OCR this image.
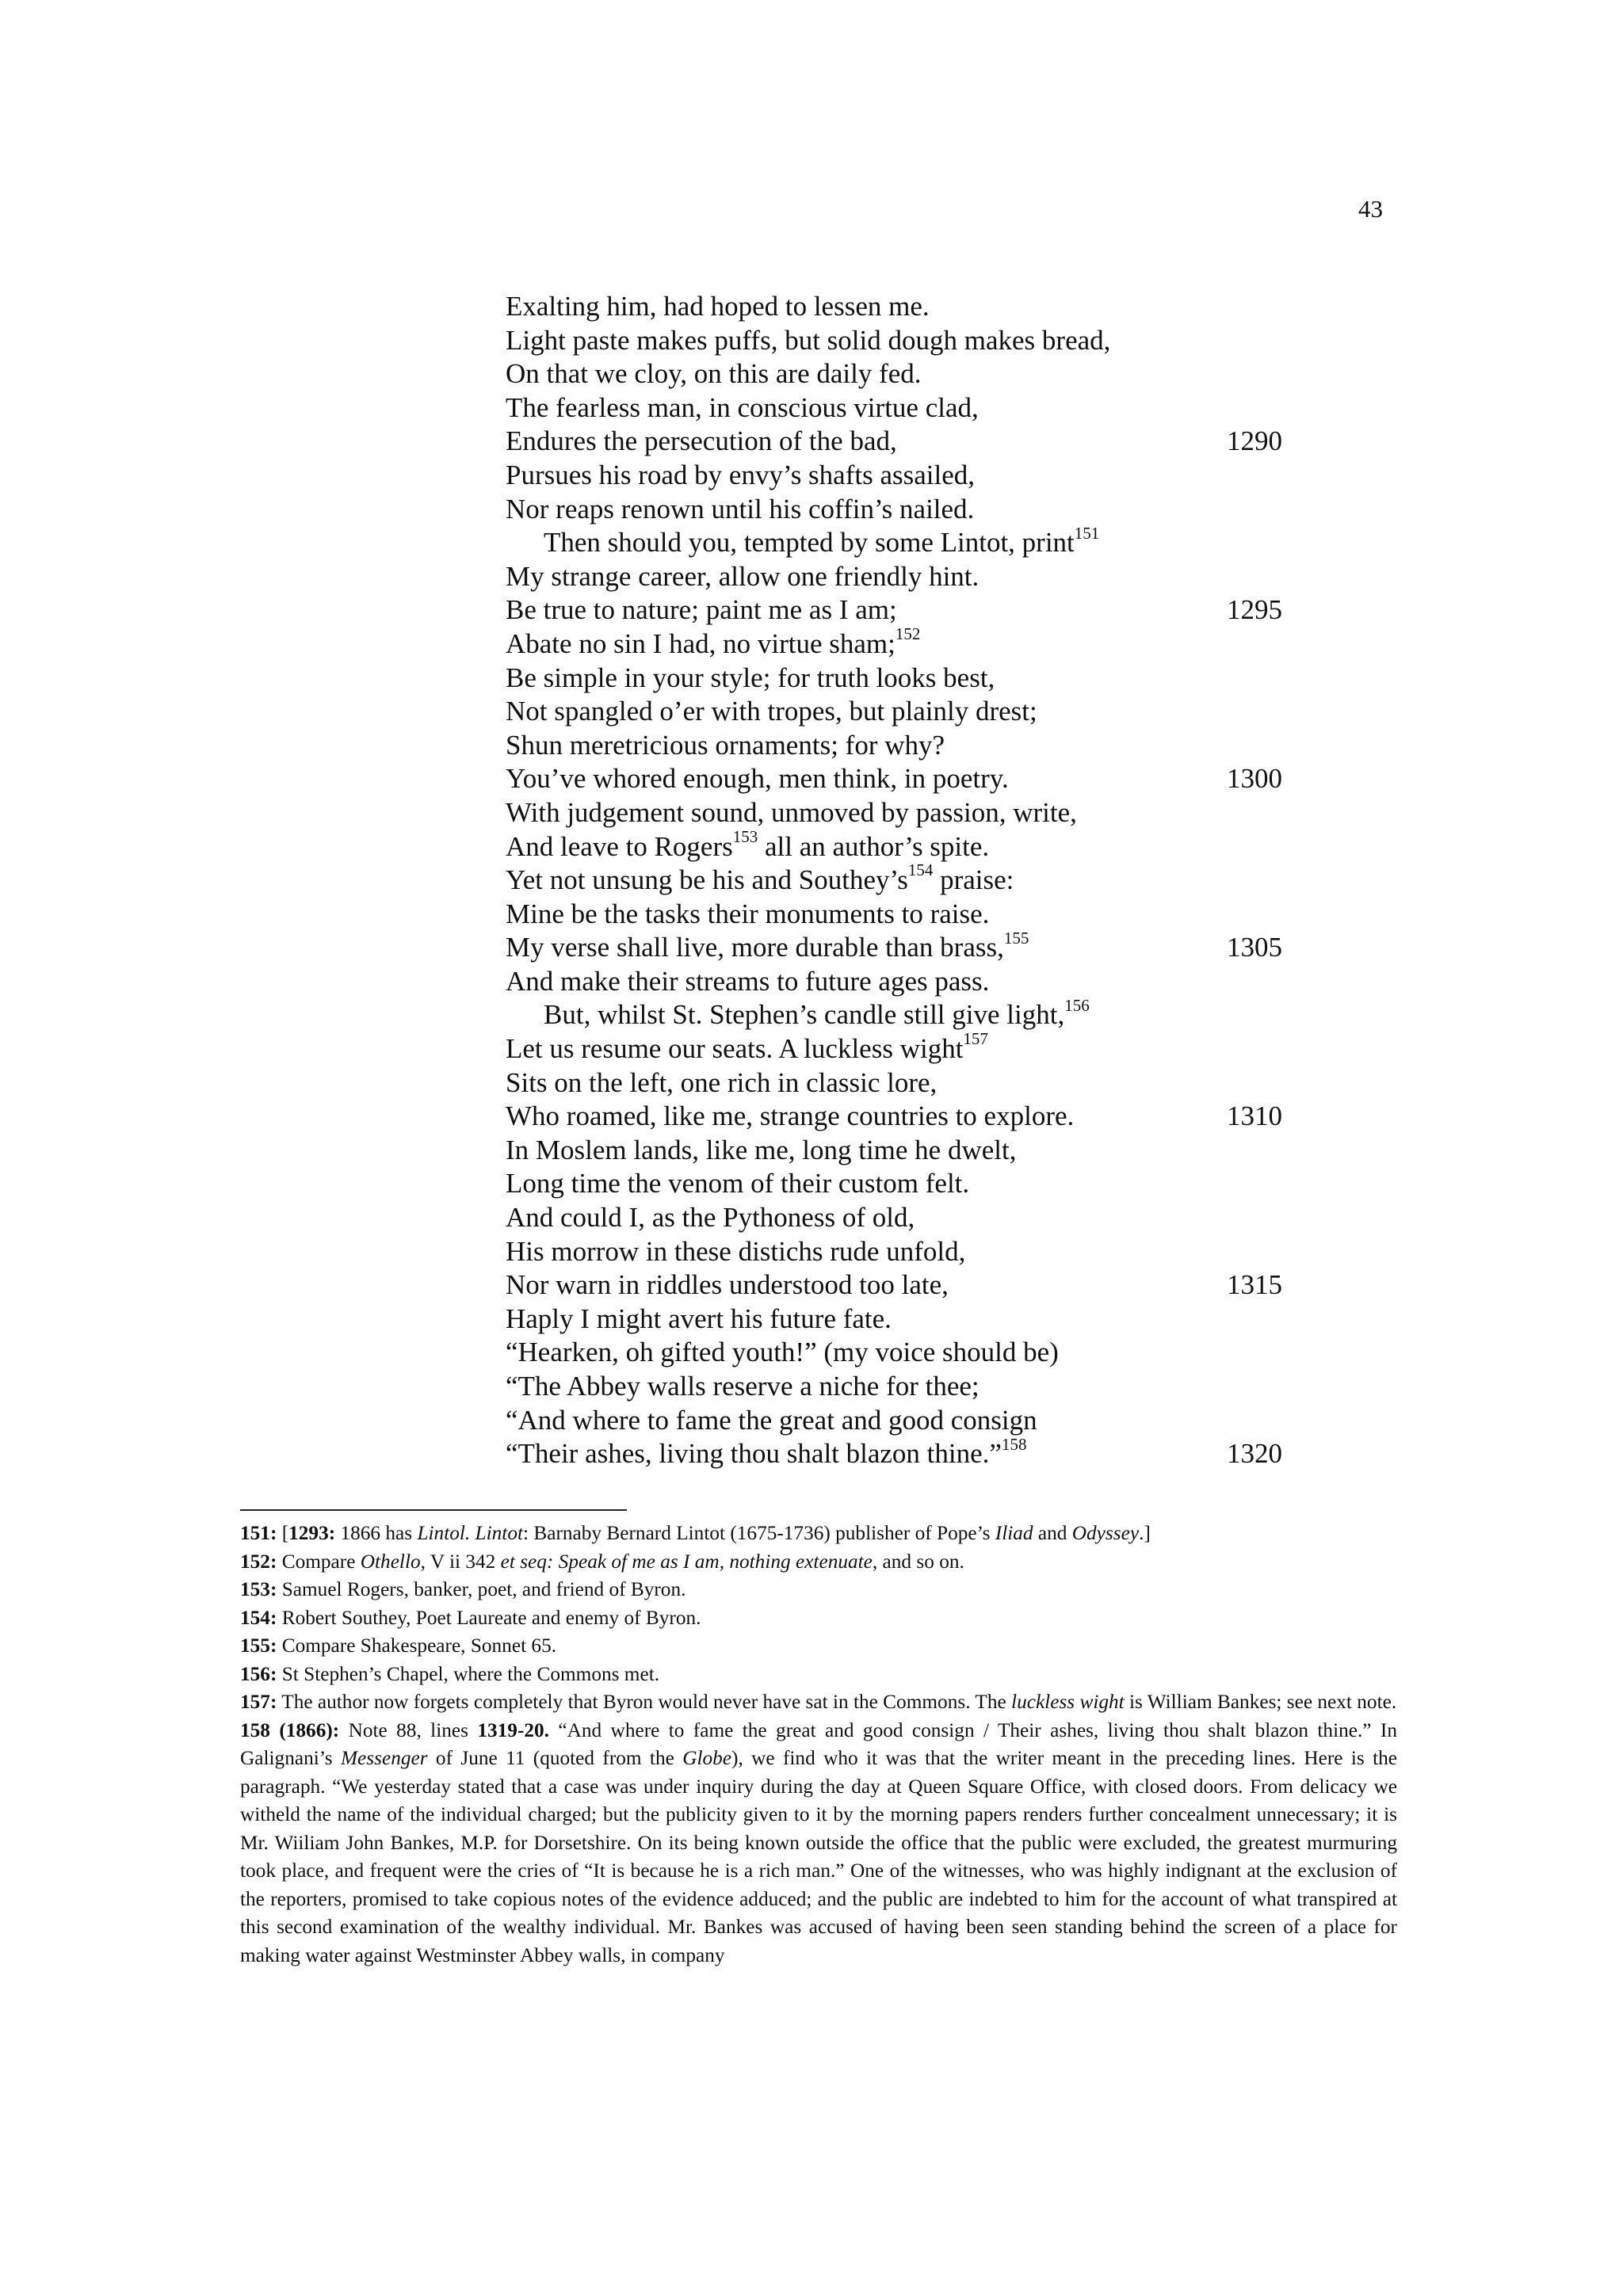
43
Exalting him, had hoped to lessen me.
Light paste makes puffs, but solid dough makes bread,
On that we cloy, on this are daily fed.
The fearless man, in conscious virtue clad,
Endures the persecution of the bad,	1290
Pursues his road by envy’s shafts assailed,
Nor reaps renown until his coffin’s nailed.
Then should you, tempted by some Lintot, print$^{151}$
My strange career, allow one friendly hint.
Be true to nature; paint me as I am;	1295
Abate no sin I had, no virtue sham;$^{152}$
Be simple in your style; for truth looks best,
Not spangled o’er with tropes, but plainly drest;
Shun meretricious ornaments; for why?
You’ve whored enough, men think, in poetry.	1300
With judgement sound, unmoved by passion, write,
And leave to Rogers$^{153}$ all an author’s spite.
Yet not unsung be his and $Southey’s^{154}$ praise:
Mine be the tasks their monuments to raise.
My verse shall live, more durable than brass,$^{155}$	1305
And make their streams to future ages pass.
But, whilst St. Stephen’s candle still give light,$^{156}$
Let us resume our seats. A luckless wight$^{157}$
Sits on the left, one rich in classic lore,
Who roamed, like me, strange countries to explore.	1310
In Moslem lands, like me, long time he dwelt,
Long time the venom of their custom felt.
And could I, as the Pythoness of old,
His morrow in these distichs rude unfold,
Nor warn in riddles understood too late,	1315
Haply I might avert his future fate.
“Hearken, oh gifted youth!” (my voice should be)
“The Abbey walls reserve a niche for thee;
“And where to fame the great and good consign
“Their ashes, living thou shalt blazon thine.”$^{158}$	1320

151: [1293: 1866 has Lintol. Lintot: Barnaby Bernard Lintot (1675-1736) publisher of Pope’s Iliad and Odyssey.]

152: Compare Othello, V ii 342 et seq: Speak of me as I am, nothing extenuate, and so on.

153: Samuel Rogers, banker, poet, and friend of Byron.

154: Robert Southey, Poet Laureate and enemy of Byron.

155: Compare Shakespeare, Sonnet 65.

156: St Stephen’s Chapel, where the Commons met.

157: The author now forgets completely that Byron would never have sat in the Commons. The luckless wight is William Bankes; see next note.

158 (1866): Note 88, lines 1319-20. “And where to fame the great and good consign / Their ashes, living thou shalt blazon thine.” In Galignani’s Messenger of June 11 (quoted from the Globe), we find who it was that the writer meant in the preceding lines. Here is the paragraph. “We yesterday stated that a case was under inquiry during the day at Queen Square Office, with closed doors. From delicacy we witheld the name of the individual charged; but the publicity given to it by the morning papers renders further concealment unnecessary; it is Mr. Wiiliam John Bankes, M.P. for Dorsetshire. On its being known outside the office that the public were excluded, the greatest murmuring took place, and frequent were the cries of “It is because he is a rich man.” One of the witnesses, who was highly indignant at the exclusion of the reporters, promised to take copious notes of the evidence adduced; and the public are indebted to him for the account of what transpired at this second examination of the wealthy individual. Mr. Bankes was accused of having been seen standing behind the screen of a place for making water against Westminster Abbey walls, in company
